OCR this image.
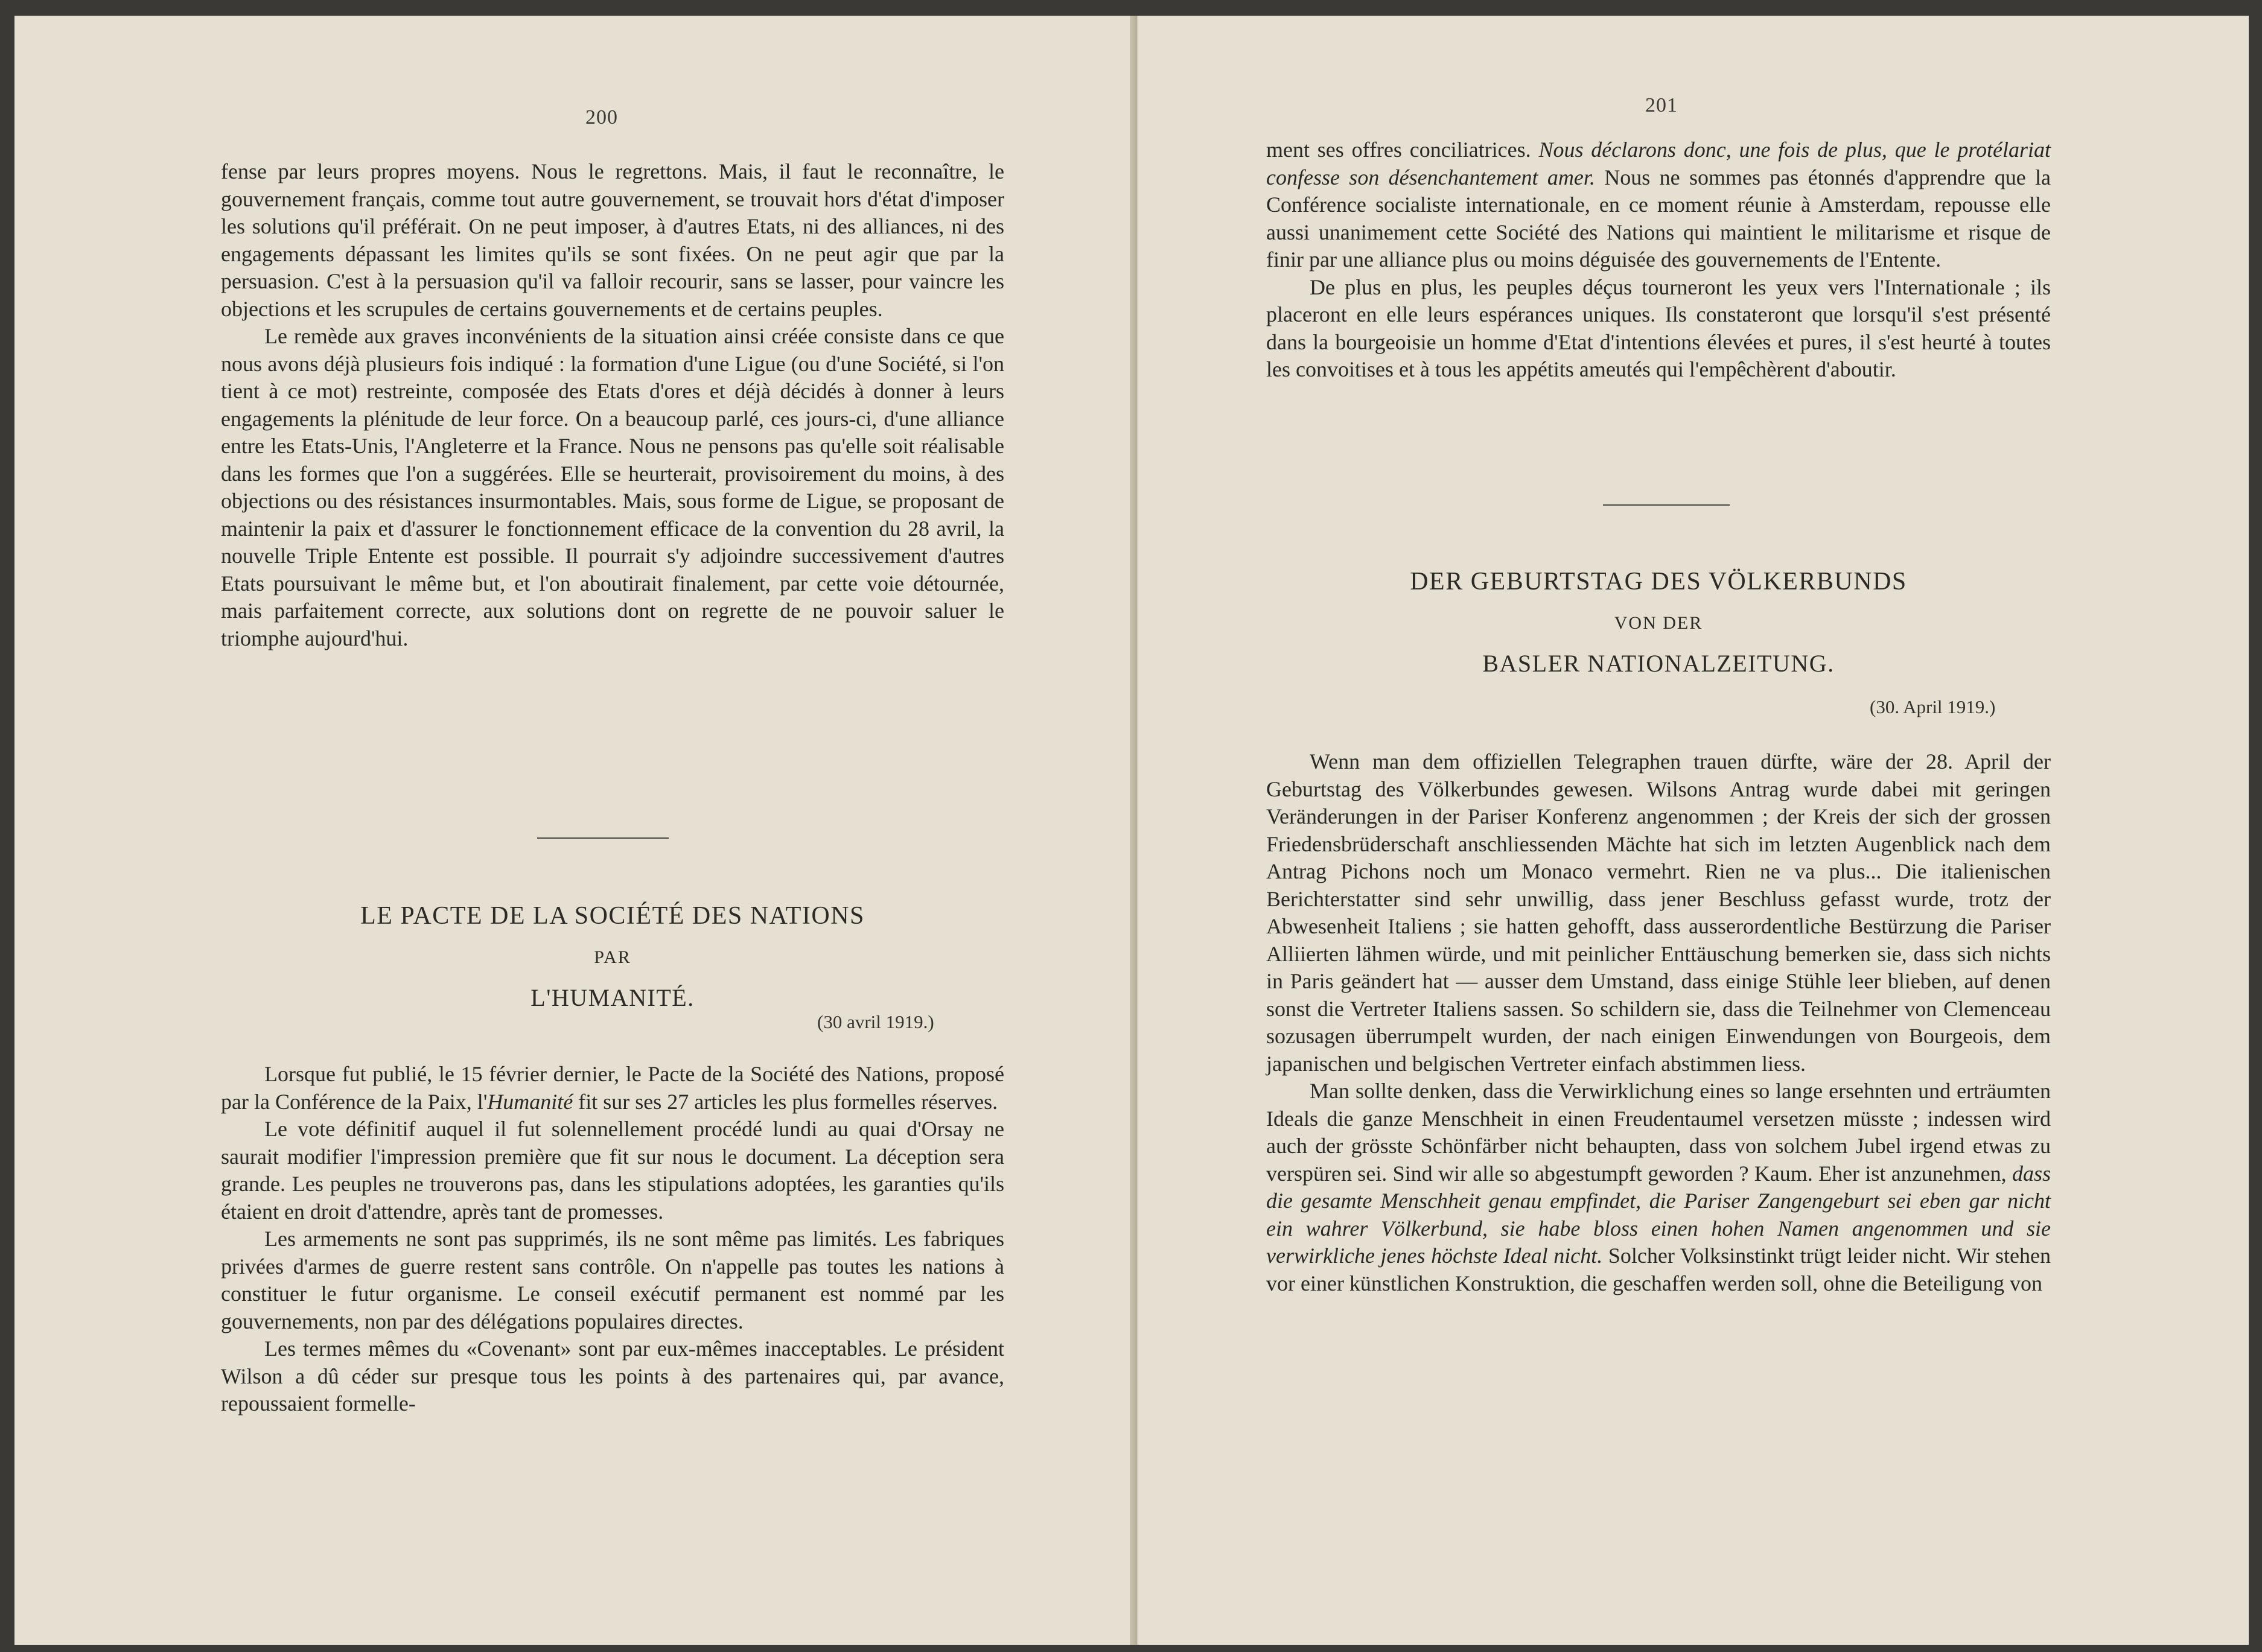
200

fense par leurs propres moyens. Nous le regrettons. Mais, il faut le reconnaître, le gouvernement français, comme tout autre gouvernement, se trouvait hors d'état d'imposer les solutions qu'il préférait. On ne peut imposer, à d'autres Etats, ni des alliances, ni des engagements dépassant les limites qu'ils se sont fixées. On ne peut agir que par la persuasion. C'est à la persuasion qu'il va falloir recourir, sans se lasser, pour vaincre les objections et les scrupules de certains gouvernements et de certains peuples.

Le remède aux graves inconvénients de la situation ainsi créée consiste dans ce que nous avons déjà plusieurs fois indiqué : la formation d'une Ligue (ou d'une Société, si l'on tient à ce mot) restreinte, composée des Etats d'ores et déjà décidés à donner à leurs engagements la plénitude de leur force. On a beaucoup parlé, ces jours-ci, d'une alliance entre les Etats-Unis, l'Angleterre et la France. Nous ne pensons pas qu'elle soit réalisable dans les formes que l'on a suggérées. Elle se heurterait, provisoirement du moins, à des objections ou des résistances insurmontables. Mais, sous forme de Ligue, se proposant de maintenir la paix et d'assurer le fonctionnement efficace de la convention du 28 avril, la nouvelle Triple Entente est possible. Il pourrait s'y adjoindre successivement d'autres Etats poursuivant le même but, et l'on aboutirait finalement, par cette voie détournée, mais parfaitement correcte, aux solutions dont on regrette de ne pouvoir saluer le triomphe aujourd'hui.

LE PACTE DE LA SOCIÉTÉ DES NATIONS
PAR
L'HUMANITÉ.
(30 avril 1919.)

Lorsque fut publié, le 15 février dernier, le Pacte de la Société des Nations, proposé par la Conférence de la Paix, l'Humanité fit sur ses 27 articles les plus formelles réserves.

Le vote définitif auquel il fut solennellement procédé lundi au quai d'Orsay ne saurait modifier l'impression première que fit sur nous le document. La déception sera grande. Les peuples ne trouverons pas, dans les stipulations adoptées, les garanties qu'ils étaient en droit d'attendre, après tant de promesses.

Les armements ne sont pas supprimés, ils ne sont même pas limités. Les fabriques privées d'armes de guerre restent sans contrôle. On n'appelle pas toutes les nations à constituer le futur organisme. Le conseil exécutif permanent est nommé par les gouvernements, non par des délégations populaires directes.

Les termes mêmes du «Covenant» sont par eux-mêmes inacceptables. Le président Wilson a dû céder sur presque tous les points à des partenaires qui, par avance, repoussaient formelle-

201

ment ses offres conciliatrices. Nous déclarons donc, une fois de plus, que le protélariat confesse son désenchantement amer. Nous ne sommes pas étonnés d'apprendre que la Conférence socialiste internationale, en ce moment réunie à Amsterdam, repousse elle aussi unanimement cette Société des Nations qui maintient le militarisme et risque de finir par une alliance plus ou moins déguisée des gouvernements de l'Entente.

De plus en plus, les peuples déçus tourneront les yeux vers l'Internationale ; ils placeront en elle leurs espérances uniques. Ils constateront que lorsqu'il s'est présenté dans la bourgeoisie un homme d'Etat d'intentions élevées et pures, il s'est heurté à toutes les convoitises et à tous les appétits ameutés qui l'empêchèrent d'aboutir.

DER GEBURTSTAG DES VÖLKERBUNDS
VON DER
BASLER NATIONALZEITUNG.
(30. April 1919.)

Wenn man dem offiziellen Telegraphen trauen dürfte, wäre der 28. April der Geburtstag des Völkerbundes gewesen. Wilsons Antrag wurde dabei mit geringen Veränderungen in der Pariser Konferenz angenommen ; der Kreis der sich der grossen Friedensbrüderschaft anschliessenden Mächte hat sich im letzten Augenblick nach dem Antrag Pichons noch um Monaco vermehrt. Rien ne va plus... Die italienischen Berichterstatter sind sehr unwillig, dass jener Beschluss gefasst wurde, trotz der Abwesenheit Italiens ; sie hatten gehofft, dass ausserordentliche Bestürzung die Pariser Alliierten lähmen würde, und mit peinlicher Enttäuschung bemerken sie, dass sich nichts in Paris geändert hat — ausser dem Umstand, dass einige Stühle leer blieben, auf denen sonst die Vertreter Italiens sassen. So schildern sie, dass die Teilnehmer von Clemenceau sozusagen überrumpelt wurden, der nach einigen Einwendungen von Bourgeois, dem japanischen und belgischen Vertreter einfach abstimmen liess.

Man sollte denken, dass die Verwirklichung eines so lange ersehnten und erträumten Ideals die ganze Menschheit in einen Freudentaumel versetzen müsste ; indessen wird auch der grösste Schönfärber nicht behaupten, dass von solchem Jubel irgend etwas zu verspüren sei. Sind wir alle so abgestumpft geworden ? Kaum. Eher ist anzunehmen, dass die gesamte Menschheit genau empfindet, die Pariser Zangengeburt sei eben gar nicht ein wahrer Völkerbund, sie habe bloss einen hohen Namen angenommen und sie verwirkliche jenes höchste Ideal nicht. Solcher Volksinstinkt trügt leider nicht. Wir stehen vor einer künstlichen Konstruktion, die geschaffen werden soll, ohne die Beteiligung von
